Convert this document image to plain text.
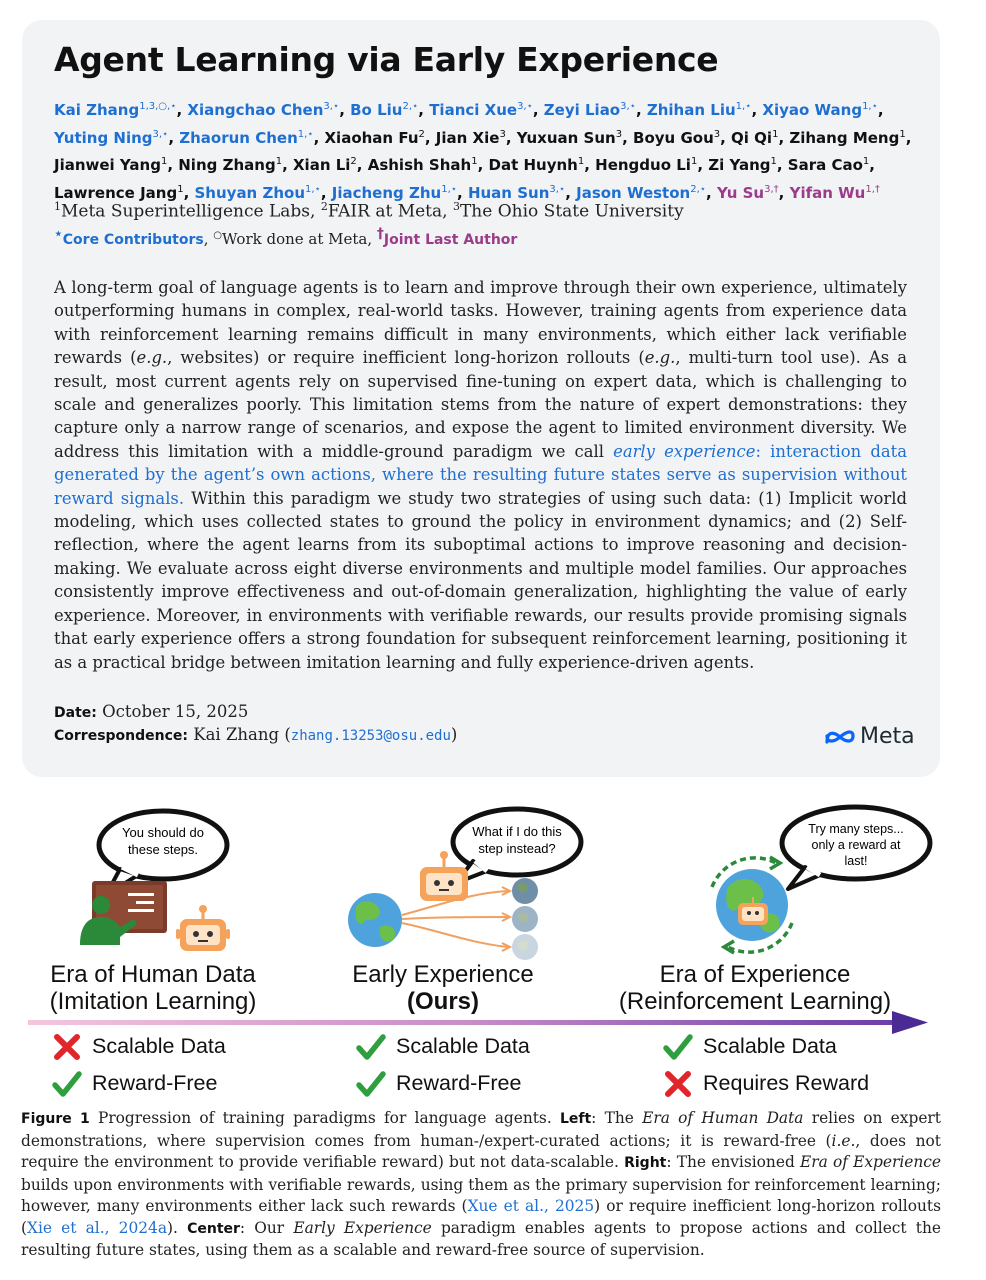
Agent Learning via Early Experience
Kai Zhang$^{1,3,○,⋆}$, Xiangchao Chen$^{3,⋆}$, Bo Liu$^{2,⋆}$, Tianci Xue$^{3,⋆}$, Zeyi Liao$^{3,⋆}$, Zhihan Liu$^{1,⋆}$, Xiyao Wang$^{1,⋆}$, Yuting Ning$^{3,⋆}$, Zhaorun Chen$^{1,⋆}$, Xiaohan Fu$^2$, Jian Xie$^3$, Yuxuan Sun$^3$, Boyu Gou$^3$, Qi Qi$^1$, Zihang Meng$^1$, Jianwei Yang$^1$, Ning Zhang$^1$, Xian Li$^2$, Ashish Shah$^1$, Dat Huynh$^1$, Hengduo Li$^1$, Zi Yang$^1$, Sara Cao$^1$, Lawrence Jang$^1$, Shuyan Zhou$^{1,⋆}$, Jiacheng Zhu$^{1,⋆}$, Huan Sun$^{3,⋆}$, Jason Weston$^{2,⋆}$, Yu $Su^{3,\dagger}$, Yifan $Wu^{1,\dagger}$
$^1$Meta Superintelligence Labs, $^2$FAIR at Meta, $^3$The Ohio State University
⋆Core Contributors, ○Work done at Meta, †Joint Last Author

A long-term goal of language agents is to learn and improve through their own experience, ultimately outperforming humans in complex, real-world tasks. However, training agents from experience data with reinforcement learning remains difficult in many environments, which either lack verifiable rewards (e.g., websites) or require inefficient long-horizon rollouts (e.g., multi-turn tool use). As a result, most current agents rely on supervised fine-tuning on expert data, which is challenging to scale and generalizes poorly. This limitation stems from the nature of expert demonstrations: they capture only a narrow range of scenarios, and expose the agent to limited environment diversity. We address this limitation with a middle-ground paradigm we call early experience: interaction data generated by the agent’s own actions, where the resulting future states serve as supervision without reward signals. Within this paradigm we study two strategies of using such data: (1) Implicit world modeling, which uses collected states to ground the policy in environment dynamics; and (2) Self-reflection, where the agent learns from its suboptimal actions to improve reasoning and decision-making. We evaluate across eight diverse environments and multiple model families. Our approaches consistently improve effectiveness and out-of-domain generalization, highlighting the value of early experience. Moreover, in environments with verifiable rewards, our results provide promising signals that early experience offers a strong foundation for subsequent reinforcement learning, positioning it as a practical bridge between imitation learning and fully experience-driven agents.

Date: October 15, 2025
Correspondence: Kai Zhang (zhang.13253@osu.edu)	Meta
You should do
these steps.
What if I do this
step instead?
Try many steps...
only a reward at
last!
Era of Human Data
(Imitation Learning)
Early Experience
(Ours)
Era of Experience
(Reinforcement Learning)
Scalable Data
Reward-Free
Scalable Data
Reward-Free
Scalable Data
Requires Reward

Figure 1 Progression of training paradigms for language agents. Left: The Era of Human Data relies on expert demonstrations, where supervision comes from human-/expert-curated actions; it is reward-free (i.e., does not require the environment to provide verifiable reward) but not data-scalable. Right: The envisioned Era of Experience builds upon environments with verifiable rewards, using them as the primary supervision for reinforcement learning; however, many environments either lack such rewards (Xue et al., 2025) or require inefficient long-horizon rollouts (Xie et al., 2024a). Center: Our Early Experience paradigm enables agents to propose actions and collect the resulting future states, using them as a scalable and reward-free source of supervision.
